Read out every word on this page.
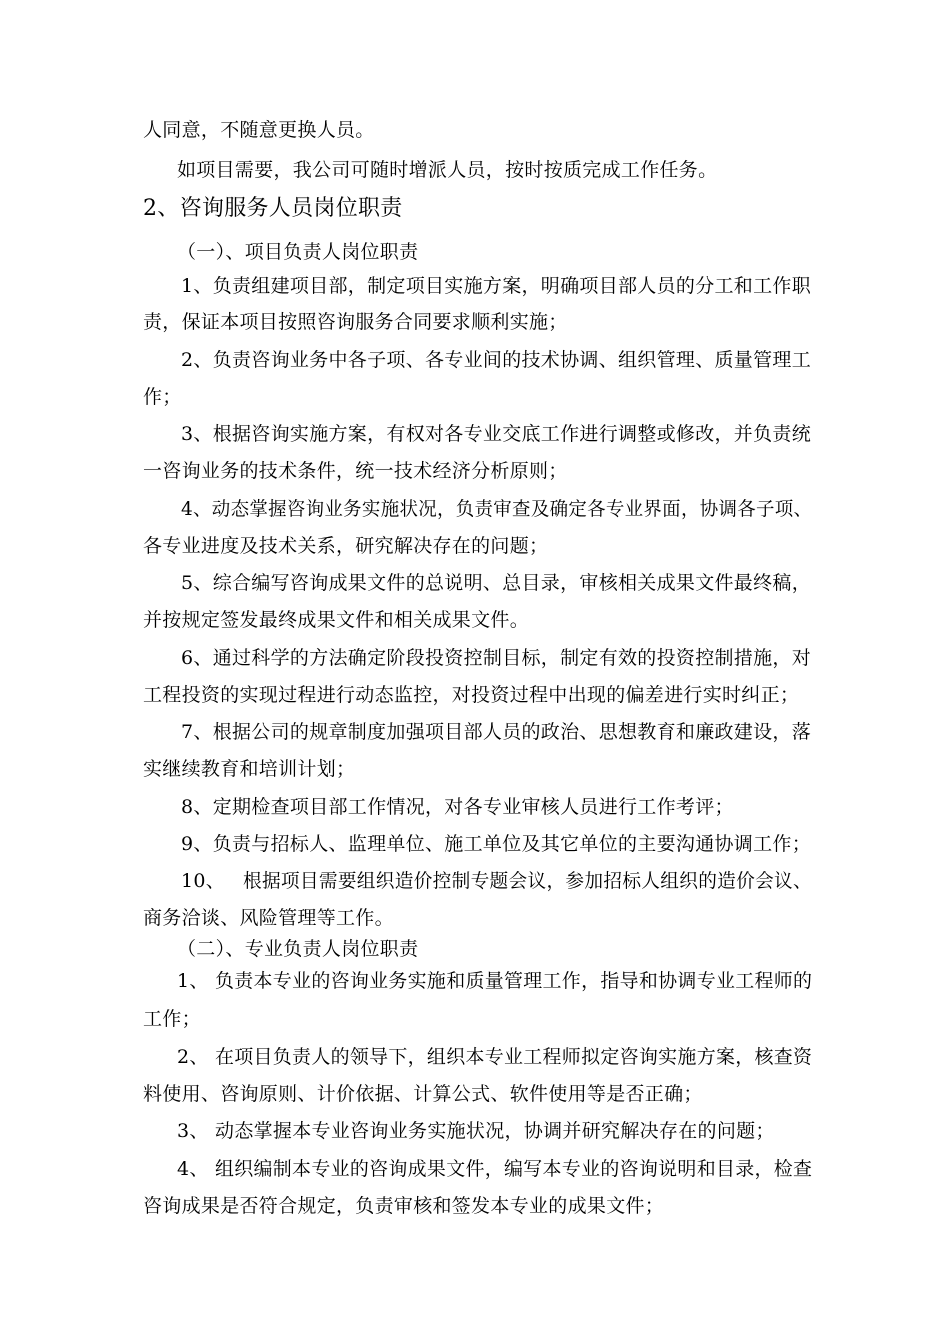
人同意，不随意更换人员。
如项目需要，我公司可随时增派人员，按时按质完成工作任务。
2、咨询服务人员岗位职责
（一）、项目负责人岗位职责
1、负责组建项目部，制定项目实施方案，明确项目部人员的分工和工作职
责，保证本项目按照咨询服务合同要求顺利实施；
2、负责咨询业务中各子项、各专业间的技术协调、组织管理、质量管理工
作；
3、根据咨询实施方案，有权对各专业交底工作进行调整或修改，并负责统
一咨询业务的技术条件，统一技术经济分析原则；
4、动态掌握咨询业务实施状况，负责审查及确定各专业界面，协调各子项、
各专业进度及技术关系，研究解决存在的问题；
5、综合编写咨询成果文件的总说明、总目录，审核相关成果文件最终稿，
并按规定签发最终成果文件和相关成果文件。
6、通过科学的方法确定阶段投资控制目标，制定有效的投资控制措施，对
工程投资的实现过程进行动态监控，对投资过程中出现的偏差进行实时纠正；
7、根据公司的规章制度加强项目部人员的政治、思想教育和廉政建设，落
实继续教育和培训计划；
8、定期检查项目部工作情况，对各专业审核人员进行工作考评；
9、负责与招标人、监理单位、施工单位及其它单位的主要沟通协调工作；
10、 根据项目需要组织造价控制专题会议，参加招标人组织的造价会议、
商务洽谈、风险管理等工作。
（二）、专业负责人岗位职责
1、 负责本专业的咨询业务实施和质量管理工作，指导和协调专业工程师的
工作；
2、 在项目负责人的领导下，组织本专业工程师拟定咨询实施方案，核查资
料使用、咨询原则、计价依据、计算公式、软件使用等是否正确；
3、 动态掌握本专业咨询业务实施状况，协调并研究解决存在的问题；
4、 组织编制本专业的咨询成果文件，编写本专业的咨询说明和目录，检查
咨询成果是否符合规定，负责审核和签发本专业的成果文件；
